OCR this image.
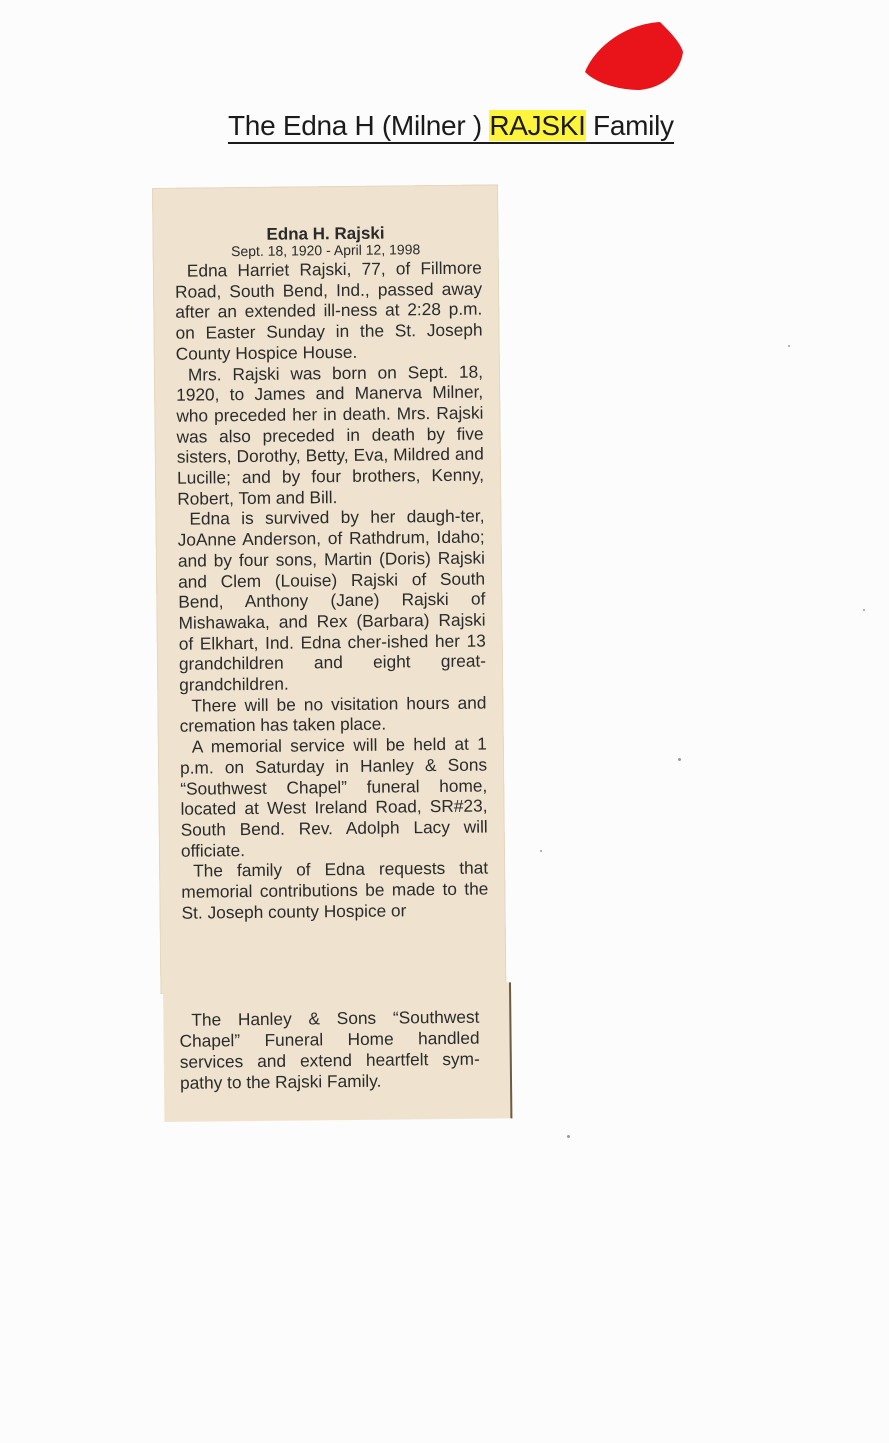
The Edna H (Milner ) RAJSKI Family
Edna H. Rajski
Sept. 18, 1920 - April 12, 1998

Edna Harriet Rajski, 77, of Fillmore Road, South Bend, Ind., passed away after an extended ill-ness at 2:28 p.m. on Easter Sunday in the St. Joseph County Hospice House.

Mrs. Rajski was born on Sept. 18, 1920, to James and Manerva Milner, who preceded her in death. Mrs. Rajski was also preceded in death by five sisters, Dorothy, Betty, Eva, Mildred and Lucille; and by four brothers, Kenny, Robert, Tom and Bill.

Edna is survived by her daugh-ter, JoAnne Anderson, of Rathdrum, Idaho; and by four sons, Martin (Doris) Rajski and Clem (Louise) Rajski of South Bend, Anthony (Jane) Rajski of Mishawaka, and Rex (Barbara) Rajski of Elkhart, Ind. Edna cher-ished her 13 grandchildren and eight great-grandchildren.

There will be no visitation hours and cremation has taken place.

A memorial service will be held at 1 p.m. on Saturday in Hanley & Sons “Southwest Chapel” funeral home, located at West Ireland Road, SR#23, South Bend. Rev. Adolph Lacy will officiate.

The family of Edna requests that memorial contributions be made to the St. Joseph county Hospice or

The Hanley & Sons “Southwest Chapel” Funeral Home handled services and extend heartfelt sym-pathy to the Rajski Family.
